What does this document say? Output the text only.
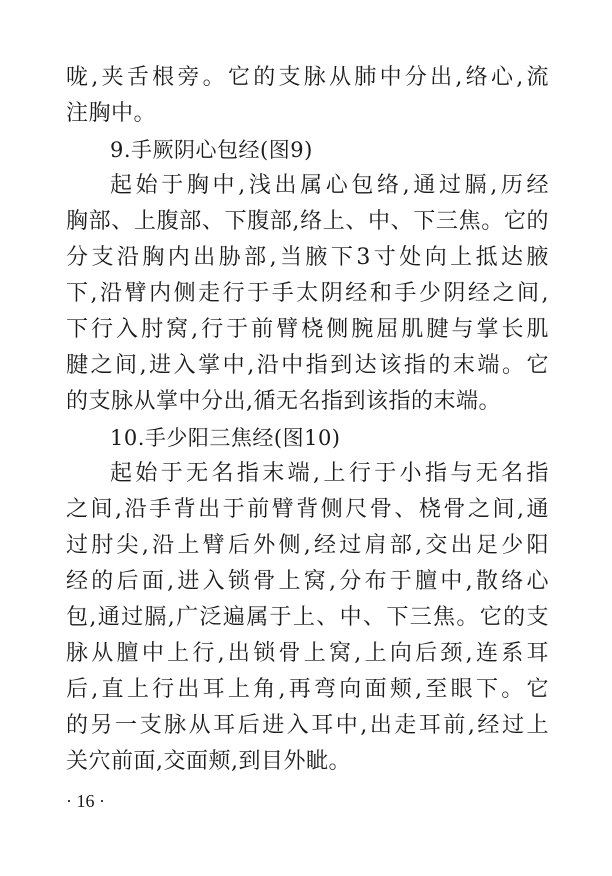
咙,夹舌根旁。它的支脉从肺中分出,络心,流
注胸中。
9.手厥阴心包经(图9)
起始于胸中,浅出属心包络,通过膈,历经
胸部、上腹部、下腹部,络上、中、下三焦。它的
分支沿胸内出胁部,当腋下3寸处向上抵达腋
下,沿臂内侧走行于手太阴经和手少阴经之间,
下行入肘窝,行于前臂桡侧腕屈肌腱与掌长肌
腱之间,进入掌中,沿中指到达该指的末端。它
的支脉从掌中分出,循无名指到该指的末端。
10.手少阳三焦经(图10)
起始于无名指末端,上行于小指与无名指
之间,沿手背出于前臂背侧尺骨、桡骨之间,通
过肘尖,沿上臂后外侧,经过肩部,交出足少阳
经的后面,进入锁骨上窝,分布于膻中,散络心
包,通过膈,广泛遍属于上、中、下三焦。它的支
脉从膻中上行,出锁骨上窝,上向后颈,连系耳
后,直上行出耳上角,再弯向面颊,至眼下。它
的另一支脉从耳后进入耳中,出走耳前,经过上
关穴前面,交面颊,到目外眦。
· 16 ·
